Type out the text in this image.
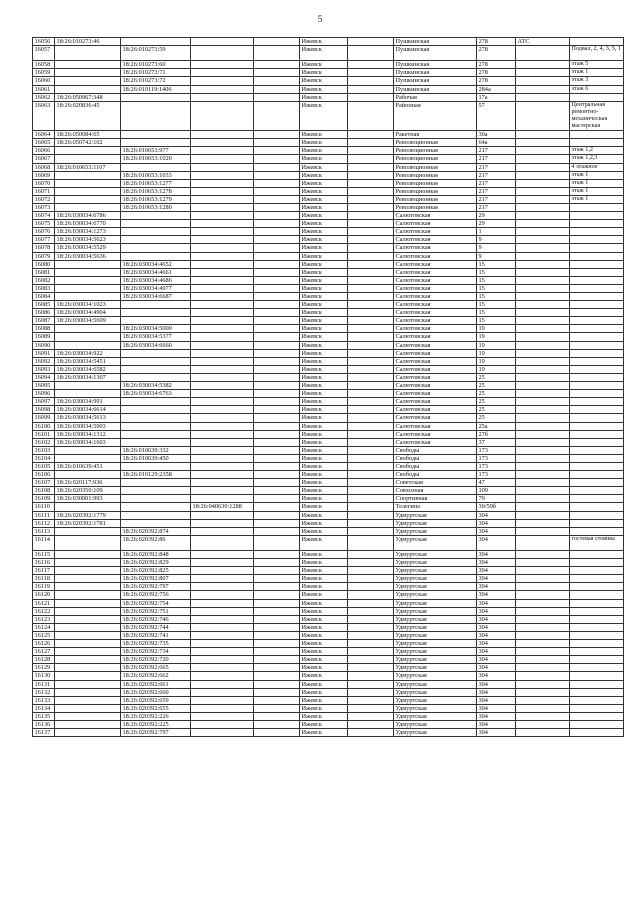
5
16056	18:26:010273:46				Ижевск		Пушкинская	278	АТС	
16057		18:26:010273:59			Ижевск		Пушкинская	278		Подвал, 2, 4, 3, 5, 1
16058		18:26:010273:60			Ижевск		Пушкинская	278		этаж 5
16059		18:26:010273:71			Ижевск		Пушкинская	278		этаж 1
16060		18:26:010273:72			Ижевск		Пушкинская	278		этаж 3
16061		18:26:010119:1406			Ижевск		Пушкинская	284а		этаж 6
16062	18:26:050967:348				Ижевск		Рабочая	17а		
16063	18:26:020836:45				Ижевск		Районная	57		Центральная ремонтно-механическая мастерская
16064	18:26:050084:65				Ижевск		Ракетная	30а		
16065	18:26:050742:102				Ижевск		Революционная	64а		
16066		18:26:010653:977			Ижевск		Революционная	217		этаж 1,2
16067		18:26:010653:1020			Ижевск		Революционная	217		этаж 1,2,3
16068	18:26:010653:1107				Ижевск		Революционная	217		4 этажное
16069		18:26:010653:1033			Ижевск		Революционная	217		этаж 1
16070		18:26:010653:1277			Ижевск		Революционная	217		этаж 1
16071		18:26:010653:1278			Ижевск		Революционная	217		этаж 1
16072		18:26:010653:1279			Ижевск		Революционная	217		этаж 1
16073		18:26:010653:1280			Ижевск		Революционная	217		
16074	18:26:030034:6786				Ижевск		Салютовская	29		
16075	18:26:030034:6770				Ижевск		Салютовская	29		
16076	18:26:030034:1273				Ижевск		Салютовская	1		
16077	18:26:030034:5623				Ижевск		Салютовская	9		
16078	18:26:030034:5529				Ижевск		Салютовская	9		
16079	18:26:030034:5636				Ижевск		Салютовская	9		
16080		18:26:030034:4652			Ижевск		Салютовская	15		
16081		18:26:030034:4661			Ижевск		Салютовская	15		
16082		18:26:030034:4686			Ижевск		Салютовская	15		
16083		18:26:030034:4977			Ижевск		Салютовская	15		
16084		18:26:030034:6687			Ижевск		Салютовская	15		
16085	18:26:030034:1023				Ижевск		Салютовская	15		
16086	18:26:030034:4904				Ижевск		Салютовская	15		
16087	18:26:030034:5609				Ижевск		Салютовская	15		
16088		18:26:030034:5000			Ижевск		Салютовская	19		
16089		18:26:030034:5377			Ижевск		Салютовская	19		
16090		18:26:030034:6660			Ижевск		Салютовская	19		
16091	18:26:030034:922				Ижевск		Салютовская	19		
16092	18:26:030034:5451				Ижевск		Салютовская	19		
16093	18:26:030034:6582				Ижевск		Салютовская	19		
16094	18:26:030034:1307				Ижевск		Салютовская	25		
16095		18:26:030034:5382			Ижевск		Салютовская	25		
16096		18:26:030034:6763			Ижевск		Салютовская	25		
16097	18:26:030034:991				Ижевск		Салютовская	25		
16098	18:26:030034:6614				Ижевск		Салютовская	25		
16099	18:26:030034:5613				Ижевск		Салютовская	25		
16100	18:26:030034:5903				Ижевск		Салютовская	25а		
16101	18:26:030034:1312				Ижевск		Салютовская	27б		
16102	18:26:030034:1603				Ижевск		Салютовская	37		
16103		18:26:010639:332			Ижевск		Свободы	173		
16104		18:26:010639:450			Ижевск		Свободы	173		
16105	18:26:010639:451				Ижевск		Свободы	173		
16106		18:26:010129:2358			Ижевск		Свободы	173		
16107	18:26:020117:936				Ижевск		Советская	47		
16108	18:26:020350:109				Ижевск		Совхозная	109		
16109	18:26:030001:993				Ижевск		Спортивная	79		
16110			18:26:040630:1288		Ижевск		Телегина	30/59б		
16111	18:26:020392:1779				Ижевск		Удмуртская	304		
16112	18:26:020392:1781				Ижевск		Удмуртская	304		
16113		18:26:020392:874			Ижевск		Удмуртская	304		
16114		18:26:020392:86			Ижевск		Удмуртская	304		гостевая стоянка
16115		18:26:020392:848			Ижевск		Удмуртская	304		
16116		18:26:020392:829			Ижевск		Удмуртская	304		
16117		18:26:020392:825			Ижевск		Удмуртская	304		
16118		18:26:020392:807			Ижевск		Удмуртская	304		
16119		18:26:020392:797			Ижевск		Удмуртская	304		
16120		18:26:020392:756			Ижевск		Удмуртская	304		
16121		18:26:020392:754			Ижевск		Удмуртская	304		
16122		18:26:020392:751			Ижевск		Удмуртская	304		
16123		18:26:020392:746			Ижевск		Удмуртская	304		
16124		18:26:020392:744			Ижевск		Удмуртская	304		
16125		18:26:020392:741			Ижевск		Удмуртская	304		
16126		18:26:020392:735			Ижевск		Удмуртская	304		
16127		18:26:020392:734			Ижевск		Удмуртская	304		
16128		18:26:020392:720			Ижевск		Удмуртская	304		
16129		18:26:020392:665			Ижевск		Удмуртская	304		
16130		18:26:020392:662			Ижевск		Удмуртская	304		
16131		18:26:020392:661			Ижевск		Удмуртская	304		
16132		18:26:020392:660			Ижевск		Удмуртская	304		
16133		18:26:020392:659			Ижевск		Удмуртская	304		
16134		18:26:020392:655			Ижевск		Удмуртская	304		
16135		18:26:020392:226			Ижевск		Удмуртская	304		
16136		18:26:020392:225			Ижевск		Удмуртская	304		
16137		18:26:020392:797			Ижевск		Удмуртская	304		
